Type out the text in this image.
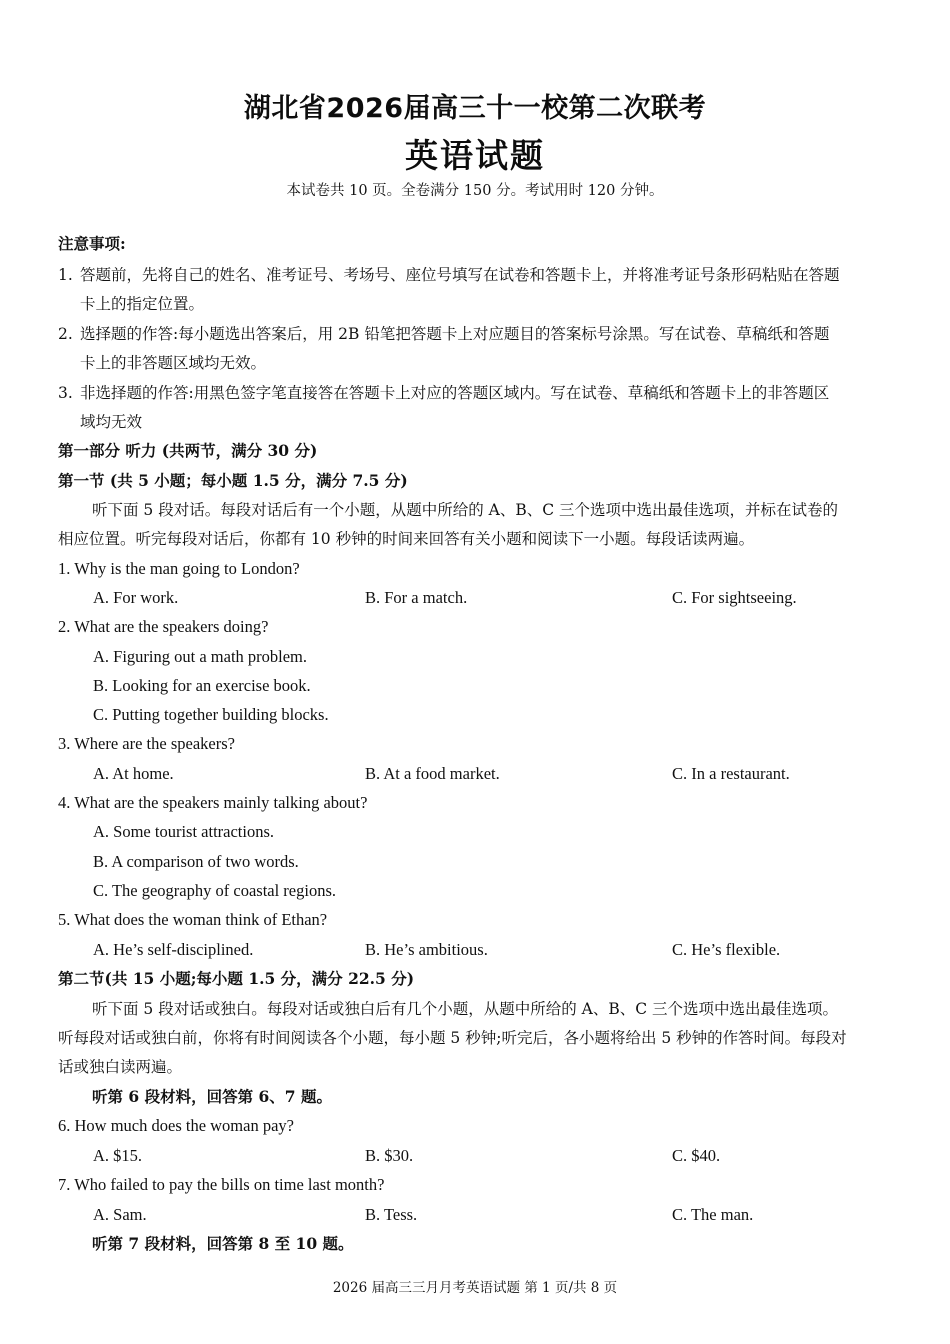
湖北省2026届高三十一校第二次联考
英语试题
本试卷共 10 页。全卷满分 150 分。考试用时 120 分钟。
注意事项:
1. 答题前，先将自己的姓名、准考证号、考场号、座位号填写在试卷和答题卡上，并将准考证号条形码粘贴在答题
卡上的指定位置。
2. 选择题的作答:每小题选出答案后，用 2B 铅笔把答题卡上对应题目的答案标号涂黑。写在试卷、草稿纸和答题
卡上的非答题区域均无效。
3. 非选择题的作答:用黑色签字笔直接答在答题卡上对应的答题区域内。写在试卷、草稿纸和答题卡上的非答题区
域均无效
第一部分 听力 (共两节，满分 30 分)
第一节 (共 5 小题；每小题 1.5 分，满分 7.5 分)
听下面 5 段对话。每段对话后有一个小题，从题中所给的 A、B、C 三个选项中选出最佳选项，并标在试卷的
相应位置。听完每段对话后，你都有 10 秒钟的时间来回答有关小题和阅读下一小题。每段话读两遍。
1. Why is the man going to London?
A. For work.	B. For a match.	C. For sightseeing.
2. What are the speakers doing?
A. Figuring out a math problem.
B. Looking for an exercise book.
C. Putting together building blocks.
3. Where are the speakers?
A. At home.	B. At a food market.	C. In a restaurant.
4. What are the speakers mainly talking about?
A. Some tourist attractions.
B. A comparison of two words.
C. The geography of coastal regions.
5. What does the woman think of Ethan?
A. He’s self-disciplined.	B. He’s ambitious.	C. He’s flexible.
第二节(共 15 小题;每小题 1.5 分，满分 22.5 分)
听下面 5 段对话或独白。每段对话或独白后有几个小题，从题中所给的 A、B、C 三个选项中选出最佳选项。
听每段对话或独白前，你将有时间阅读各个小题，每小题 5 秒钟;听完后，各小题将给出 5 秒钟的作答时间。每段对
话或独白读两遍。
听第 6 段材料，回答第 6、7 题。
6. How much does the woman pay?
A. $15.	B. $30.	C. $40.
7. Who failed to pay the bills on time last month?
A. Sam.	B. Tess.	C. The man.
听第 7 段材料，回答第 8 至 10 题。
2026 届高三三月月考英语试题 第 1 页/共 8 页
